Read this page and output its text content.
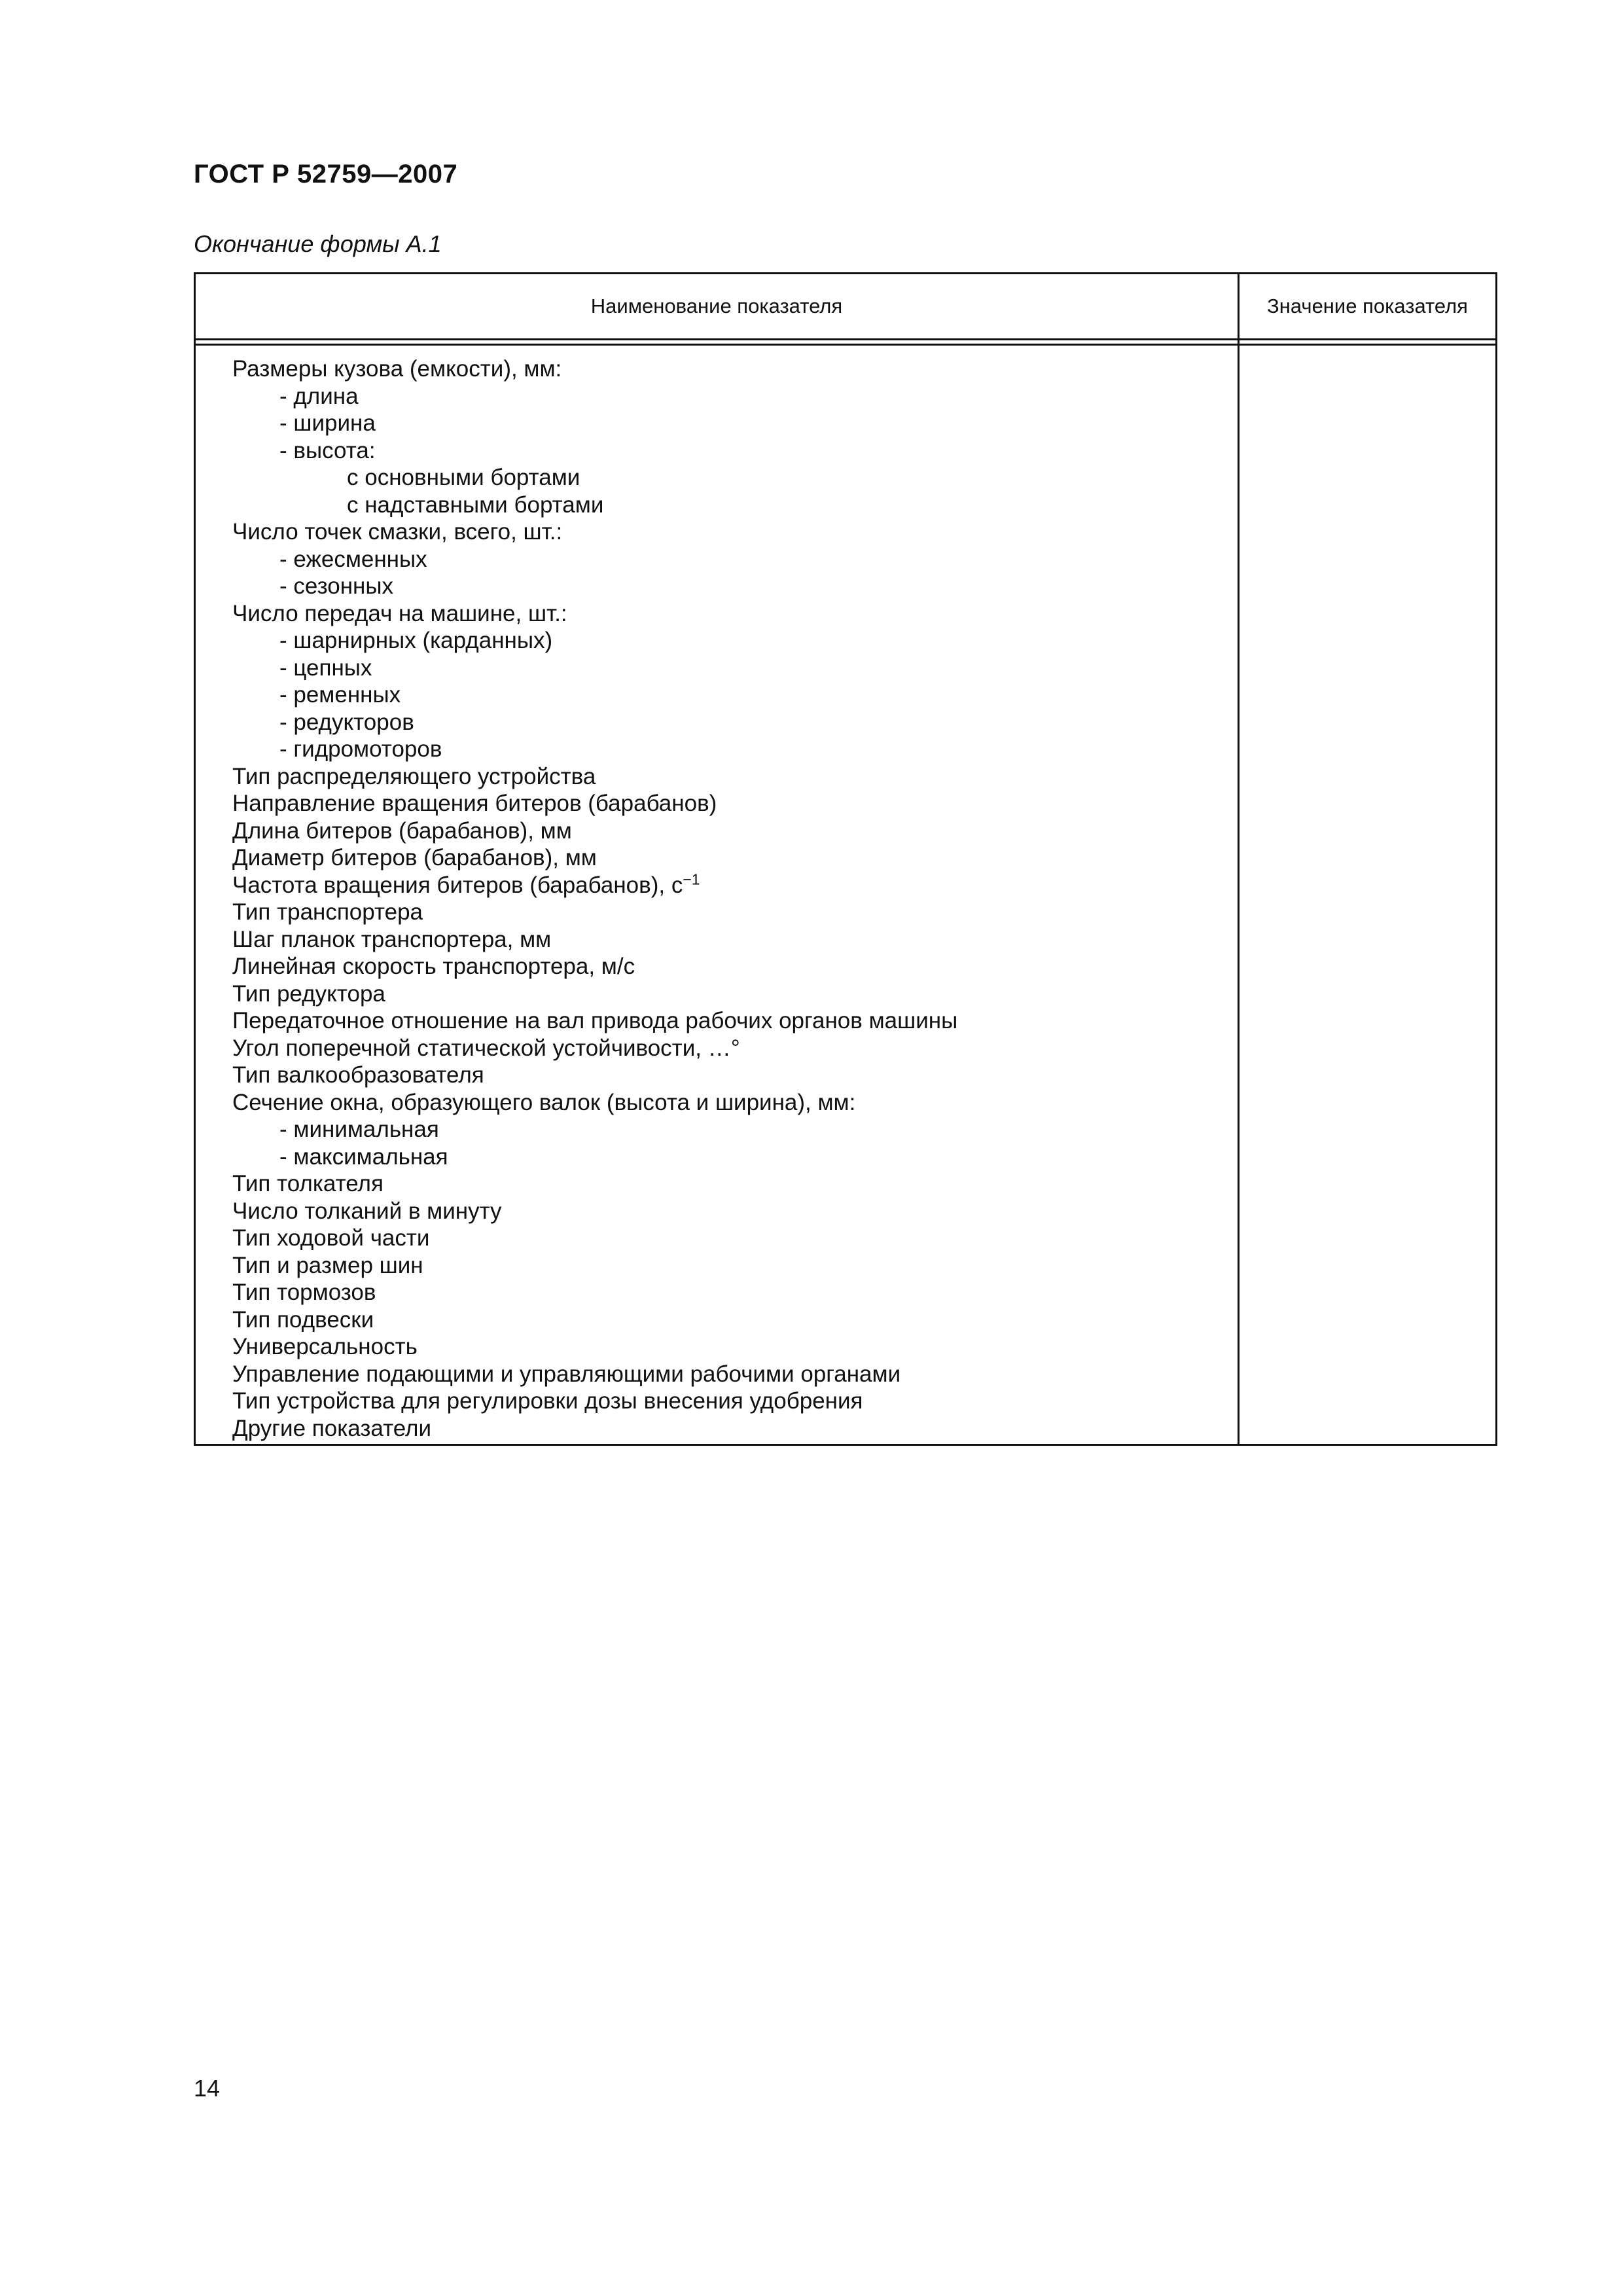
ГОСТ Р 52759—2007
Окончание формы А.1
Наименование показателя	Значение показателя
Размеры кузова (емкости), мм:
- длина
- ширина
- высота:
с основными бортами
с надставными бортами
Число точек смазки, всего, шт.:
- ежесменных
- сезонных
Число передач на машине, шт.:
- шарнирных (карданных)
- цепных
- ременных
- редукторов
- гидромоторов
Тип распределяющего устройства
Направление вращения битеров (барабанов)
Длина битеров (барабанов), мм
Диаметр битеров (барабанов), мм
Частота вращения битеров (барабанов), $с^{-1}$
Тип транспортера
Шаг планок транспортера, мм
Линейная скорость транспортера, м/с
Тип редуктора
Передаточное отношение на вал привода рабочих органов машины
Угол поперечной статической устойчивости, …°
Тип валкообразователя
Сечение окна, образующего валок (высота и ширина), мм:
- минимальная
- максимальная
Тип толкателя
Число толканий в минуту
Тип ходовой части
Тип и размер шин
Тип тормозов
Тип подвески
Универсальность
Управление подающими и управляющими рабочими органами
Тип устройства для регулировки дозы внесения удобрения
Другие показатели
14
